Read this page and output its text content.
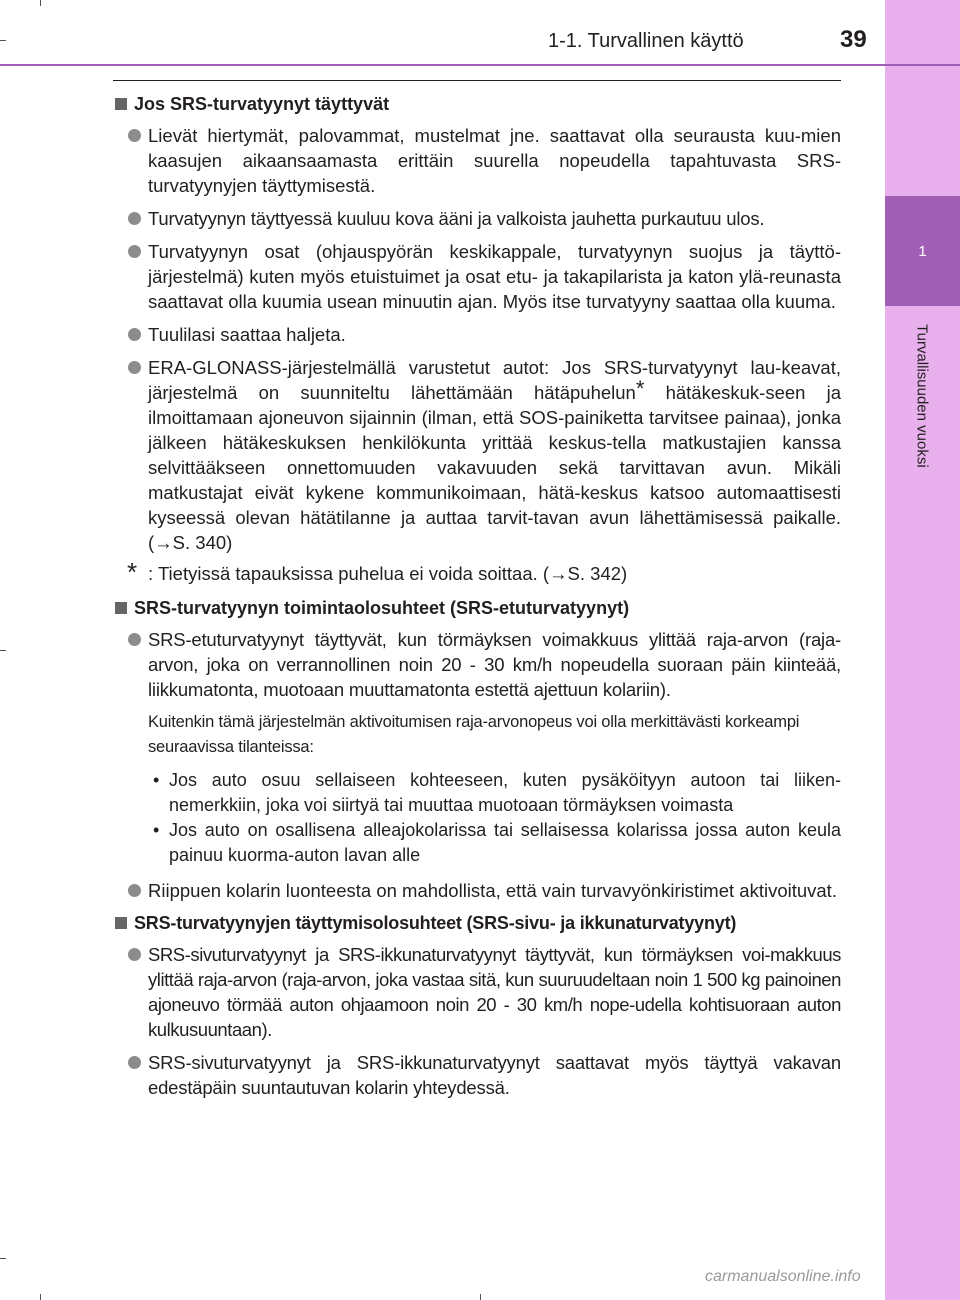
1-1. Turvallinen käyttö	39
1
Turvallisuuden vuoksi
Jos SRS-turvatyynyt täyttyvät
Lievät hiertymät, palovammat, mustelmat jne. saattavat olla seurausta kuu-mien kaasujen aikaansaamasta erittäin suurella nopeudella tapahtuvasta SRS-turvatyynyjen täyttymisestä.
Turvatyynyn täyttyessä kuuluu kova ääni ja valkoista jauhetta purkautuu ulos.
Turvatyynyn osat (ohjauspyörän keskikappale, turvatyynyn suojus ja täyttö-järjestelmä) kuten myös etuistuimet ja osat etu- ja takapilarista ja katon ylä-reunasta saattavat olla kuumia usean minuutin ajan. Myös itse turvatyyny saattaa olla kuuma.
Tuulilasi saattaa haljeta.
ERA-GLONASS-järjestelmällä varustetut autot: Jos SRS-turvatyynyt lau-keavat, järjestelmä on suunniteltu lähettämään hätäpuhelun* hätäkeskuk-seen ja ilmoittamaan ajoneuvon sijainnin (ilman, että SOS-painiketta tarvitsee painaa), jonka jälkeen hätäkeskuksen henkilökunta yrittää keskus-tella matkustajien kanssa selvittääkseen onnettomuuden vakavuuden sekä tarvittavan avun. Mikäli matkustajat eivät kykene kommunikoimaan, hätä-keskus katsoo automaattisesti kyseessä olevan hätätilanne ja auttaa tarvit-tavan avun lähettämisessä paikalle. (→S. 340)
* : Tietyissä tapauksissa puhelua ei voida soittaa. (→S. 342)
SRS-turvatyynyn toimintaolosuhteet (SRS-etuturvatyynyt)
SRS-etuturvatyynyt täyttyvät, kun törmäyksen voimakkuus ylittää raja-arvon (raja-arvon, joka on verrannollinen noin 20 - 30 km/h nopeudella suoraan päin kiinteää, liikkumatonta, muotoaan muuttamatonta estettä ajettuun kolariin).
Kuitenkin tämä järjestelmän aktivoitumisen raja-arvonopeus voi olla merkittävästi korkeampi seuraavissa tilanteissa:
• Jos auto osuu sellaiseen kohteeseen, kuten pysäköityyn autoon tai liiken-nemerkkiin, joka voi siirtyä tai muuttaa muotoaan törmäyksen voimasta
• Jos auto on osallisena alleajokolarissa tai sellaisessa kolarissa jossa auton keula painuu kuorma-auton lavan alle
Riippuen kolarin luonteesta on mahdollista, että vain turvavyönkiristimet aktivoituvat.
SRS-turvatyynyjen täyttymisolosuhteet (SRS-sivu- ja ikkunaturvatyynyt)
SRS-sivuturvatyynyt ja SRS-ikkunaturvatyynyt täyttyvät, kun törmäyksen voi-makkuus ylittää raja-arvon (raja-arvon, joka vastaa sitä, kun suuruudeltaan noin 1 500 kg painoinen ajoneuvo törmää auton ohjaamoon noin 20 - 30 km/h nope-udella kohtisuoraan auton kulkusuuntaan).
SRS-sivuturvatyynyt ja SRS-ikkunaturvatyynyt saattavat myös täyttyä vakavan edestäpäin suuntautuvan kolarin yhteydessä.
carmanualsonline.info
